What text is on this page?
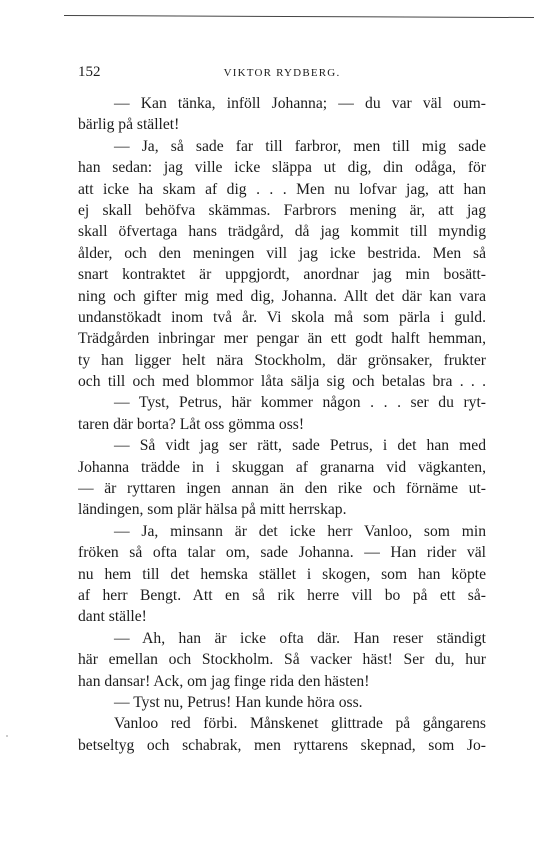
152	VIKTOR RYDBERG.
— Kan tänka, inföll Johanna; — du var väl oum-
bärlig på stället!
— Ja, så sade far till farbror, men till mig sade
han sedan: jag ville icke släppa ut dig, din odåga, för
att icke ha skam af dig . . . Men nu lofvar jag, att han
ej skall behöfva skämmas. Farbrors mening är, att jag
skall öfvertaga hans trädgård, då jag kommit till myndig
ålder, och den meningen vill jag icke bestrida. Men så
snart kontraktet är uppgjordt, anordnar jag min bosätt-
ning och gifter mig med dig, Johanna. Allt det där kan vara
undanstökadt inom två år. Vi skola må som pärla i guld.
Trädgården inbringar mer pengar än ett godt halft hemman,
ty han ligger helt nära Stockholm, där grönsaker, frukter
och till och med blommor låta sälja sig och betalas bra . . .
— Tyst, Petrus, här kommer någon . . . ser du ryt-
taren där borta? Låt oss gömma oss!
— Så vidt jag ser rätt, sade Petrus, i det han med
Johanna trädde in i skuggan af granarna vid vägkanten,
— är ryttaren ingen annan än den rike och förnäme ut-
ländingen, som plär hälsa på mitt herrskap.
— Ja, minsann är det icke herr Vanloo, som min
fröken så ofta talar om, sade Johanna. — Han rider väl
nu hem till det hemska stället i skogen, som han köpte
af herr Bengt. Att en så rik herre vill bo på ett så-
dant ställe!
— Ah, han är icke ofta där. Han reser ständigt
här emellan och Stockholm. Så vacker häst! Ser du, hur
han dansar! Ack, om jag finge rida den hästen!
— Tyst nu, Petrus! Han kunde höra oss.
Vanloo red förbi. Månskenet glittrade på gångarens
betseltyg och schabrak, men ryttarens skepnad, som Jo-
